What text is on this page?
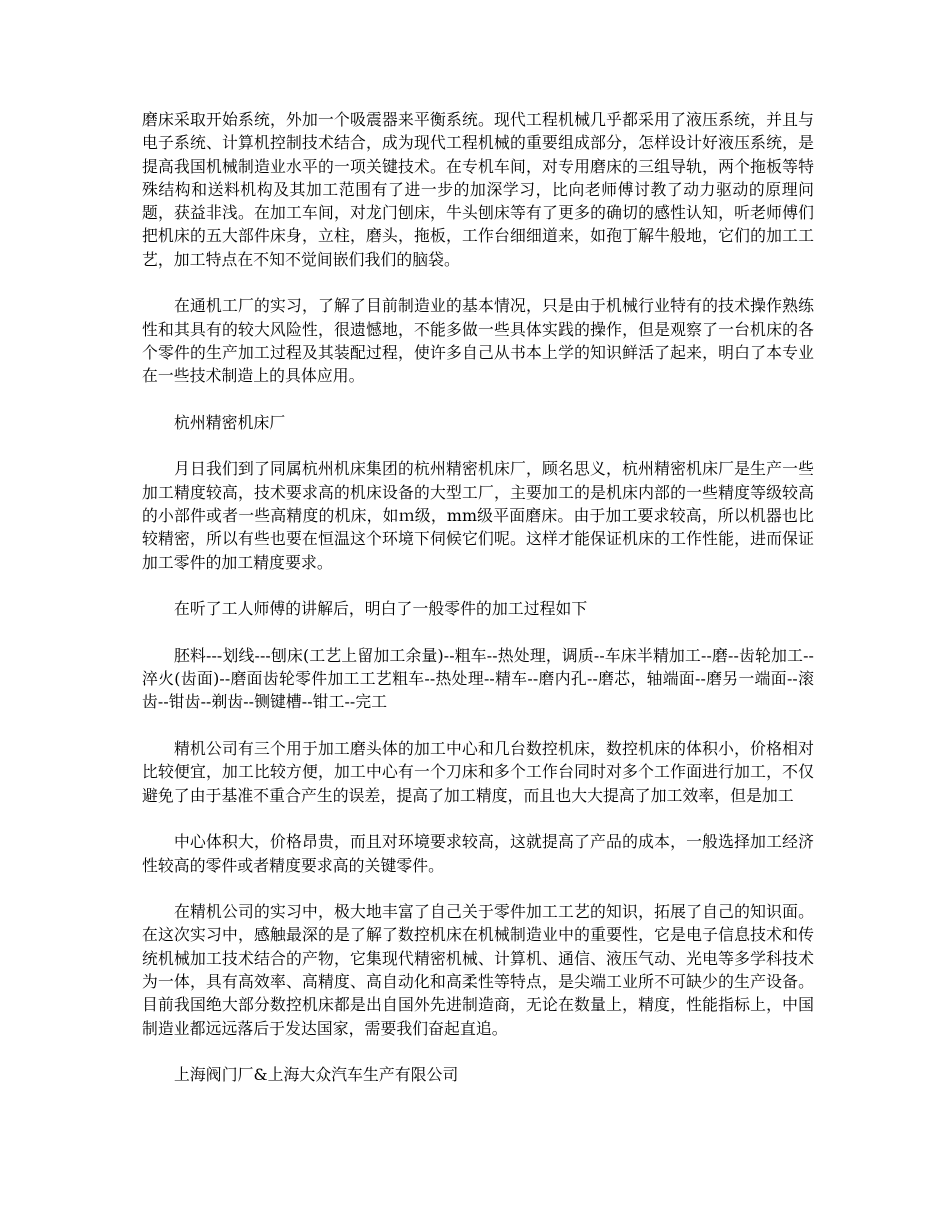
磨床采取开始系统，外加一个吸震器来平衡系统。现代工程机械几乎都采用了液压系统，并且与电子系统、计算机控制技术结合，成为现代工程机械的重要组成部分，怎样设计好液压系统，是提高我国机械制造业水平的一项关键技术。在专机车间，对专用磨床的三组导轨，两个拖板等特殊结构和送料机构及其加工范围有了进一步的加深学习，比向老师傅讨教了动力驱动的原理问题，获益非浅。在加工车间，对龙门刨床，牛头刨床等有了更多的确切的感性认知，听老师傅们把机床的五大部件床身，立柱，磨头，拖板，工作台细细道来，如孢丁解牛般地，它们的加工工艺，加工特点在不知不觉间嵌们我们的脑袋。

在通机工厂的实习，了解了目前制造业的基本情况，只是由于机械行业特有的技术操作熟练性和其具有的较大风险性，很遗憾地，不能多做一些具体实践的操作，但是观察了一台机床的各个零件的生产加工过程及其装配过程，使许多自己从书本上学的知识鲜活了起来，明白了本专业在一些技术制造上的具体应用。

杭州精密机床厂

月日我们到了同属杭州机床集团的杭州精密机床厂，顾名思义，杭州精密机床厂是生产一些加工精度较高，技术要求高的机床设备的大型工厂，主要加工的是机床内部的一些精度等级较高的小部件或者一些高精度的机床，如ｍ级，mm级平面磨床。由于加工要求较高，所以机器也比较精密，所以有些也要在恒温这个环境下伺候它们呢。这样才能保证机床的工作性能，进而保证加工零件的加工精度要求。

在听了工人师傅的讲解后，明白了一般零件的加工过程如下

胚料---划线---刨床(工艺上留加工余量)--粗车--热处理，调质--车床半精加工--磨--齿轮加工--淬火(齿面)--磨面齿轮零件加工工艺粗车--热处理--精车--磨内孔--磨芯，轴端面--磨另一端面--滚齿--钳齿--剃齿--铡键槽--钳工--完工

精机公司有三个用于加工磨头体的加工中心和几台数控机床，数控机床的体积小，价格相对比较便宜，加工比较方便，加工中心有一个刀床和多个工作台同时对多个工作面进行加工，不仅避免了由于基准不重合产生的误差，提高了加工精度，而且也大大提高了加工效率，但是加工

中心体积大，价格昂贵，而且对环境要求较高，这就提高了产品的成本，一般选择加工经济性较高的零件或者精度要求高的关键零件。

在精机公司的实习中，极大地丰富了自己关于零件加工工艺的知识，拓展了自己的知识面。在这次实习中，感触最深的是了解了数控机床在机械制造业中的重要性，它是电子信息技术和传统机械加工技术结合的产物，它集现代精密机械、计算机、通信、液压气动、光电等多学科技术为一体，具有高效率、高精度、高自动化和高柔性等特点，是尖端工业所不可缺少的生产设备。目前我国绝大部分数控机床都是出自国外先进制造商，无论在数量上，精度，性能指标上，中国制造业都远远落后于发达国家，需要我们奋起直追。

上海阀门厂&上海大众汽车生产有限公司
